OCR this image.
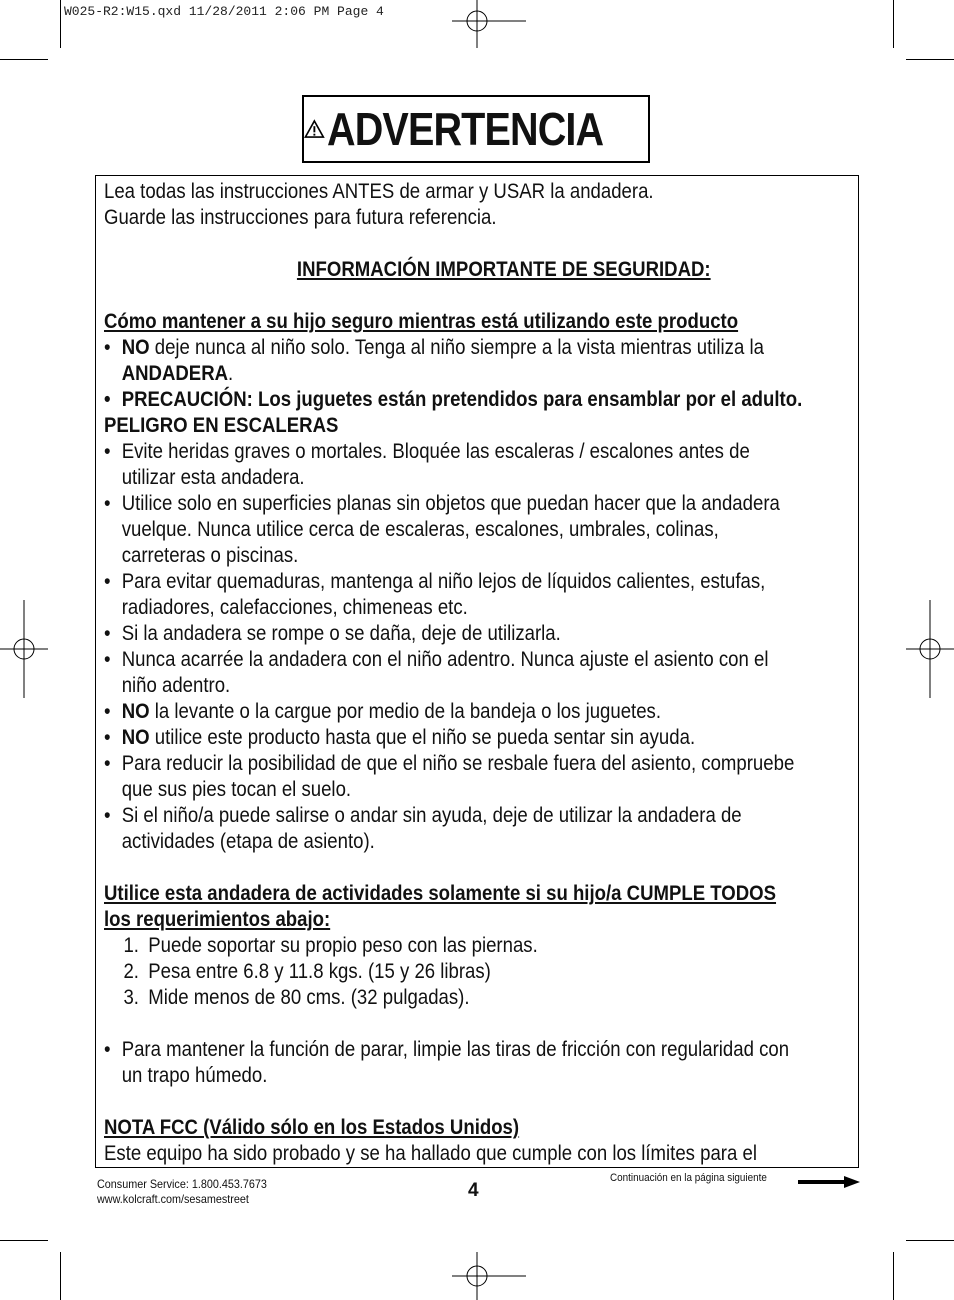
W025-R2:W15.qxd 11/28/2011 2:06 PM Page 4
ADVERTENCIA

Lea todas las instrucciones ANTES de armar y USAR la andadera.

Guarde las instrucciones para futura referencia.

INFORMACIÓN IMPORTANTE DE SEGURIDAD:

Cómo mantener a su hijo seguro mientras está utilizando este producto

• NO deje nunca al niño solo. Tenga al niño siempre a la vista mientras utiliza la
ANDADERA.
• PRECAUCIÓN: Los juguetes están pretendidos para ensamblar por el adulto.

PELIGRO EN ESCALERAS

• Evite heridas graves o mortales. Bloquée las escaleras / escalones antes de
utilizar esta andadera.
• Utilice solo en superficies planas sin objetos que puedan hacer que la andadera
vuelque. Nunca utilice cerca de escaleras, escalones, umbrales, colinas,
carreteras o piscinas.
• Para evitar quemaduras, mantenga al niño lejos de líquidos calientes, estufas,
radiadores, calefacciones, chimeneas etc.
• Si la andadera se rompe o se daña, deje de utilizarla.
• Nunca acarrée la andadera con el niño adentro. Nunca ajuste el asiento con el
niño adentro.
• NO la levante o la cargue por medio de la bandeja o los juguetes.
• NO utilice este producto hasta que el niño se pueda sentar sin ayuda.
• Para reducir la posibilidad de que el niño se resbale fuera del asiento, compruebe
que sus pies tocan el suelo.
• Si el niño/a puede salirse o andar sin ayuda, deje de utilizar la andadera de
actividades (etapa de asiento).

Utilice esta andadera de actividades solamente si su hijo/a CUMPLE TODOS
los requerimientos abajo:

1. Puede soportar su propio peso con las piernas.
2. Pesa entre 6.8 y 11.8 kgs. (15 y 26 libras)
3. Mide menos de 80 cms. (32 pulgadas).
• Para mantener la función de parar, limpie las tiras de fricción con regularidad con
un trapo húmedo.

NOTA FCC (Válido sólo en los Estados Unidos)

Este equipo ha sido probado y se ha hallado que cumple con los límites para el

Consumer Service: 1.800.453.7673
www.kolcraft.com/sesamestreet	4
Continuación en la página siguiente
